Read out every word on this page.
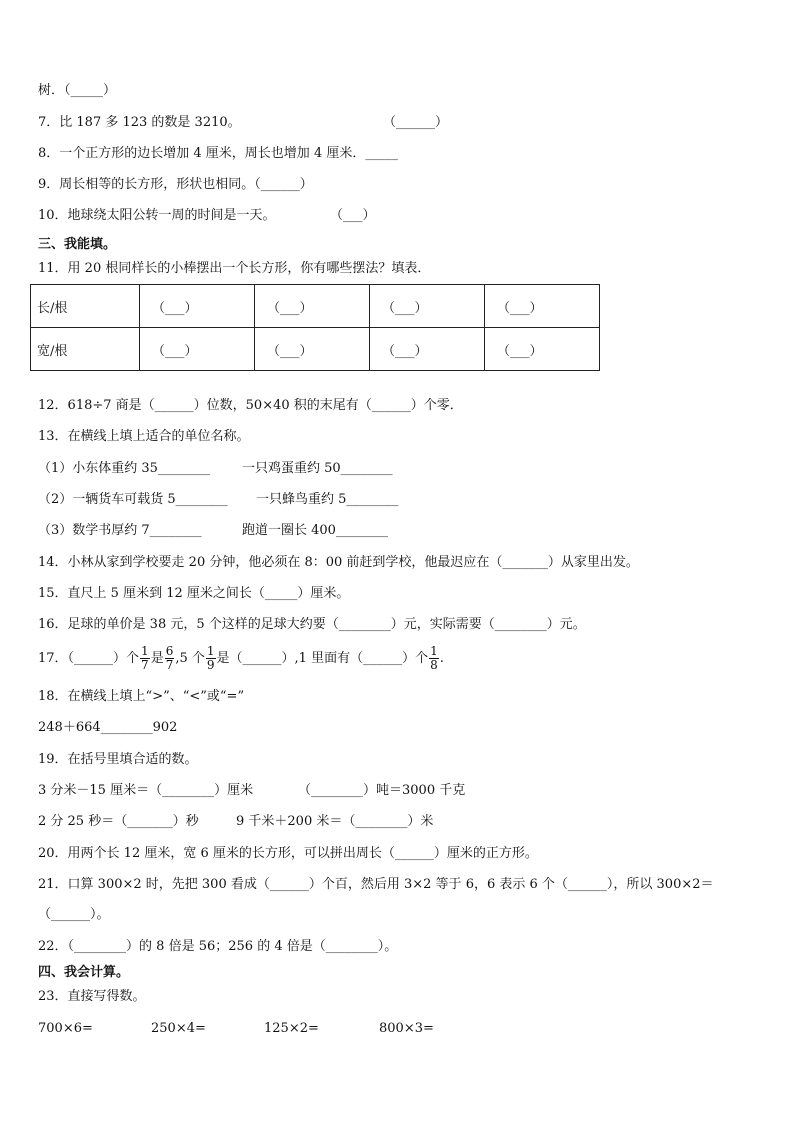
树．（_____）
7．比 187 多 123 的数是 3210。	（______）
8．一个正方形的边长增加 4 厘米，周长也增加 4 厘米．_____
9．周长相等的长方形，形状也相同。（______）
10．地球绕太阳公转一周的时间是一天。	（___）
三、我能填。
11．用 20 根同样长的小棒摆出一个长方形，你有哪些摆法？填表．
长/根	（___）	（___）	（___）	（___）
宽/根	（___）	（___）	（___）	（___）
12．618÷7 商是（______）位数，50×40 积的末尾有（______）个零．
13．在横线上填上适合的单位名称。
（1）小东体重约 35________ 一只鸡蛋重约 50________
（2）一辆货车可载货 5________ 一只蜂鸟重约 5________
（3）数学书厚约 7________	跑道一圈长 400________
14．小林从家到学校要走 20 分钟，他必须在 8：00 前赶到学校，他最迟应在（_______）从家里出发。
15．直尺上 5 厘米到 12 厘米之间长（_____）厘米。
16．足球的单价是 38 元，5 个这样的足球大约要（________）元，实际需要（________）元。
17．（______）个 $\frac{1}{7}$ 是 $\frac{6}{7} ,5$ 个 $\frac{1}{9}$ 是（______）,1 里面有（______）个 $\frac{1}{8}$ .
18．在横线上填上“>”、“<”或“=”
248＋664________902
19．在括号里填合适的数。
3 分米－15 厘米＝（________）厘米	（________）吨＝3000 千克
2 分 25 秒＝（_______）秒	9 千米＋200 米＝（________）米
20．用两个长 12 厘米，宽 6 厘米的长方形，可以拼出周长（______）厘米的正方形。
21．口算 300×2 时，先把 300 看成（______）个百，然后用 3×2 等于 6，6 表示 6 个（______），所以 300×2＝
（______）。
22．（________）的 8 倍是 56；256 的 4 倍是（________）。
四、我会计算。
23．直接写得数。
700×6=	250×4=	125×2=	800×3=
